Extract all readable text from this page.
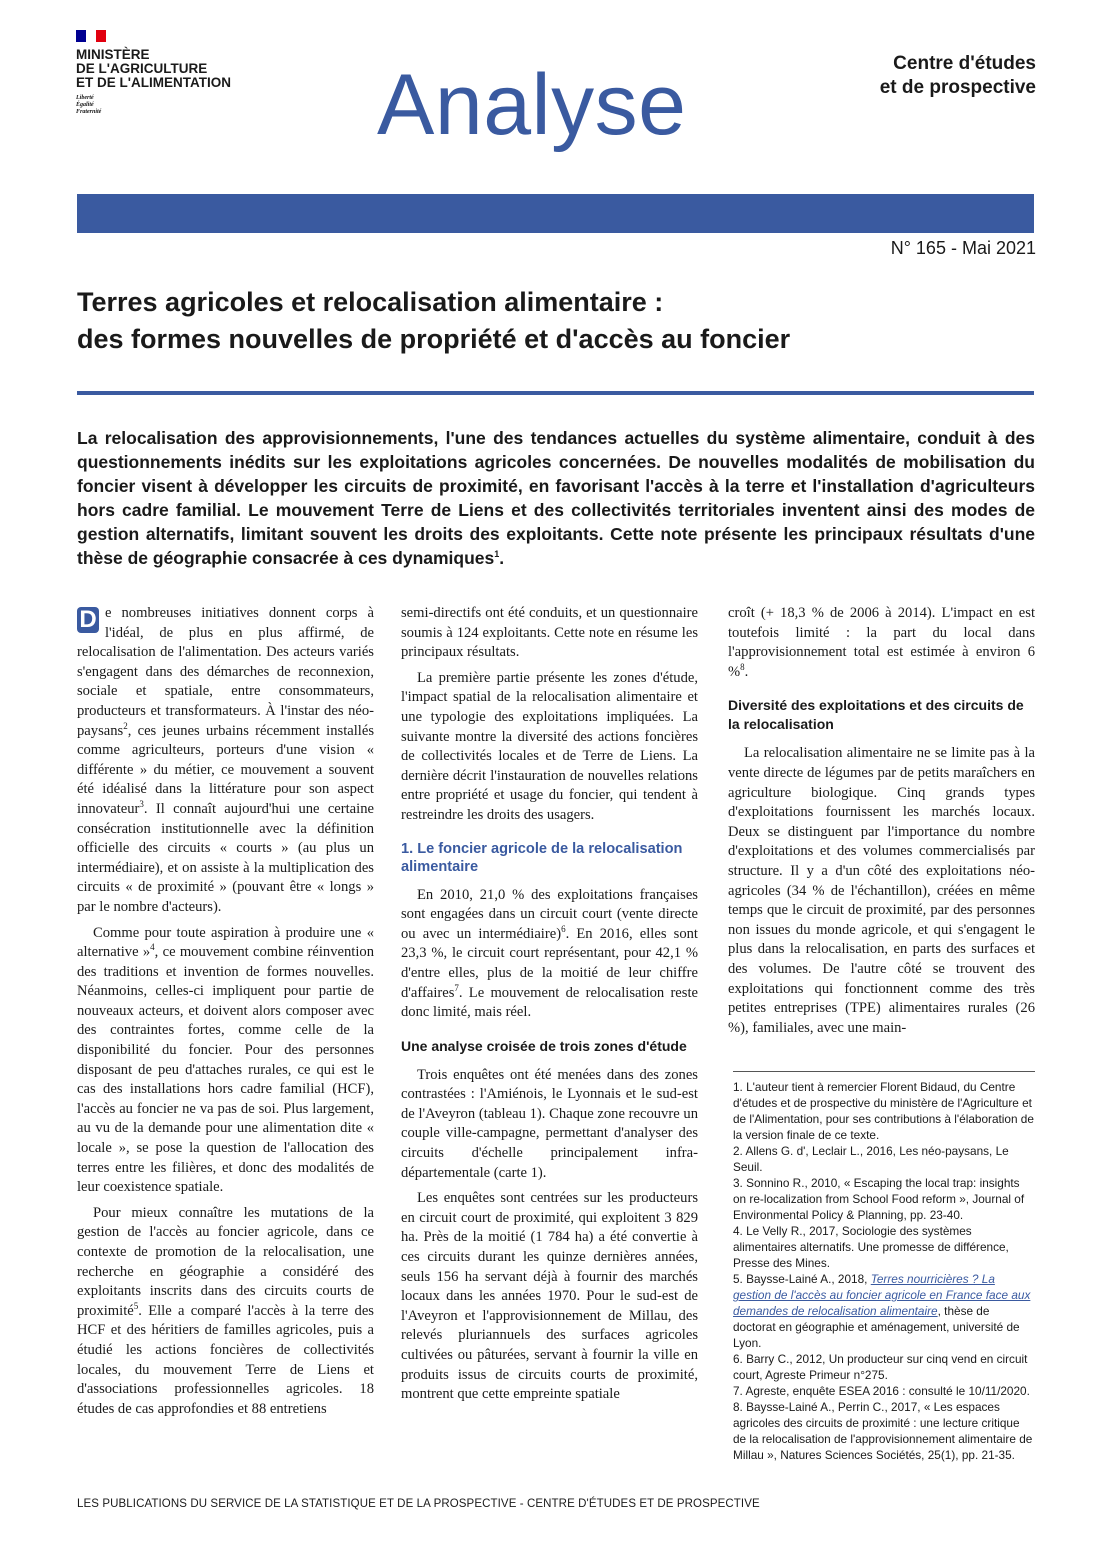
MINISTÈRE
DE L'AGRICULTURE
ET DE L'ALIMENTATION
Liberté
Égalité
Fraternité	Analyse	Centre d'études
et de prospective
N° 165 - Mai 2021
Terres agricoles et relocalisation alimentaire :
des formes nouvelles de propriété et d'accès au foncier

La relocalisation des approvisionnements, l'une des tendances actuelles du système alimentaire, conduit à des questionnements inédits sur les exploitations agricoles concernées. De nouvelles modalités de mobilisation du foncier visent à développer les circuits de proximité, en favorisant l'accès à la terre et l'installation d'agriculteurs hors cadre familial. Le mouvement Terre de Liens et des collectivités territoriales inventent ainsi des modes de gestion alternatifs, limitant souvent les droits des exploitants. Cette note présente les principaux résultats d'une thèse de géographie consacrée à ces dynamiques$^1$.

D e nombreuses initiatives donnent corps à l'idéal, de plus en plus affirmé, de relocalisation de l'alimentation. Des acteurs variés s'engagent dans des démarches de reconnexion, sociale et spatiale, entre consommateurs, producteurs et transformateurs. À l'instar des néo-paysans$^2$, ces jeunes urbains récemment installés comme agriculteurs, porteurs d'une vision « différente » du métier, ce mouvement a souvent été idéalisé dans la littérature pour son aspect innovateur$^3$. Il connaît aujourd'hui une certaine consécration institutionnelle avec la définition officielle des circuits « courts » (au plus un intermédiaire), et on assiste à la multiplication des circuits « de proximité » (pouvant être « longs » par le nombre d'acteurs).

Comme pour toute aspiration à produire une « alternative »$^4$, ce mouvement combine réinvention des traditions et invention de formes nouvelles. Néanmoins, celles-ci impliquent pour partie de nouveaux acteurs, et doivent alors composer avec des contraintes fortes, comme celle de la disponibilité du foncier. Pour des personnes disposant de peu d'attaches rurales, ce qui est le cas des installations hors cadre familial (HCF), l'accès au foncier ne va pas de soi. Plus largement, au vu de la demande pour une alimentation dite « locale », se pose la question de l'allocation des terres entre les filières, et donc des modalités de leur coexistence spatiale.

Pour mieux connaître les mutations de la gestion de l'accès au foncier agricole, dans ce contexte de promotion de la relocalisation, une recherche en géographie a considéré des exploitants inscrits dans des circuits courts de proximité$^5$. Elle a comparé l'accès à la terre des HCF et des héritiers de familles agricoles, puis a étudié les actions foncières de collectivités locales, du mouvement Terre de Liens et d'associations professionnelles agricoles. 18 études de cas approfondies et 88 entretiens

semi-directifs ont été conduits, et un questionnaire soumis à 124 exploitants. Cette note en résume les principaux résultats.

La première partie présente les zones d'étude, l'impact spatial de la relocalisation alimentaire et une typologie des exploitations impliquées. La suivante montre la diversité des actions foncières de collectivités locales et de Terre de Liens. La dernière décrit l'instauration de nouvelles relations entre propriété et usage du foncier, qui tendent à restreindre les droits des usagers.

1. Le foncier agricole de la relocalisation alimentaire

En 2010, 21,0 % des exploitations françaises sont engagées dans un circuit court (vente directe ou avec un intermédiaire)$^6$. En 2016, elles sont 23,3 %, le circuit court représentant, pour 42,1 % d'entre elles, plus de la moitié de leur chiffre d'affaires$^7$. Le mouvement de relocalisation reste donc limité, mais réel.

Une analyse croisée de trois zones d'étude

Trois enquêtes ont été menées dans des zones contrastées : l'Amiénois, le Lyonnais et le sud-est de l'Aveyron (tableau 1). Chaque zone recouvre un couple ville-campagne, permettant d'analyser des circuits d'échelle principalement infra-départementale (carte 1).

Les enquêtes sont centrées sur les producteurs en circuit court de proximité, qui exploitent 3 829 ha. Près de la moitié (1 784 ha) a été convertie à ces circuits durant les quinze dernières années, seuls 156 ha servant déjà à fournir des marchés locaux dans les années 1970. Pour le sud-est de l'Aveyron et l'approvisionnement de Millau, des relevés pluriannuels des surfaces agricoles cultivées ou pâturées, servant à fournir la ville en produits issus de circuits courts de proximité, montrent que cette empreinte spatiale

croît (+ 18,3 % de 2006 à 2014). L'impact en est toutefois limité : la part du local dans l'approvisionnement total est estimée à environ 6 %$^8$.

Diversité des exploitations et des circuits de la relocalisation

La relocalisation alimentaire ne se limite pas à la vente directe de légumes par de petits maraîchers en agriculture biologique. Cinq grands types d'exploitations fournissent les marchés locaux. Deux se distinguent par l'importance du nombre d'exploitations et des volumes commercialisés par structure. Il y a d'un côté des exploitations néo-agricoles (34 % de l'échantillon), créées en même temps que le circuit de proximité, par des personnes non issues du monde agricole, et qui s'engagent le plus dans la relocalisation, en parts des surfaces et des volumes. De l'autre côté se trouvent des exploitations qui fonctionnent comme des très petites entreprises (TPE) alimentaires rurales (26 %), familiales, avec une main-

1. L'auteur tient à remercier Florent Bidaud, du Centre d'études et de prospective du ministère de l'Agriculture et de l'Alimentation, pour ses contributions à l'élaboration de la version finale de ce texte.
2. Allens G. d', Leclair L., 2016, Les néo-paysans, Le Seuil.
3. Sonnino R., 2010, « Escaping the local trap: insights on re-localization from School Food reform », Journal of Environmental Policy & Planning, pp. 23-40.
4. Le Velly R., 2017, Sociologie des systèmes alimentaires alternatifs. Une promesse de différence, Presse des Mines.
5. Baysse-Lainé A., 2018, Terres nourricières ? La gestion de l'accès au foncier agricole en France face aux demandes de relocalisation alimentaire, thèse de doctorat en géographie et aménagement, université de Lyon.
6. Barry C., 2012, Un producteur sur cinq vend en circuit court, Agreste Primeur n°275.
7. Agreste, enquête ESEA 2016 : consulté le 10/11/2020.
8. Baysse-Lainé A., Perrin C., 2017, « Les espaces agricoles des circuits de proximité : une lecture critique de la relocalisation de l'approvisionnement alimentaire de Millau », Natures Sciences Sociétés, 25(1), pp. 21-35.
LES PUBLICATIONS DU SERVICE DE LA STATISTIQUE ET DE LA PROSPECTIVE - CENTRE D'ÉTUDES ET DE PROSPECTIVE
